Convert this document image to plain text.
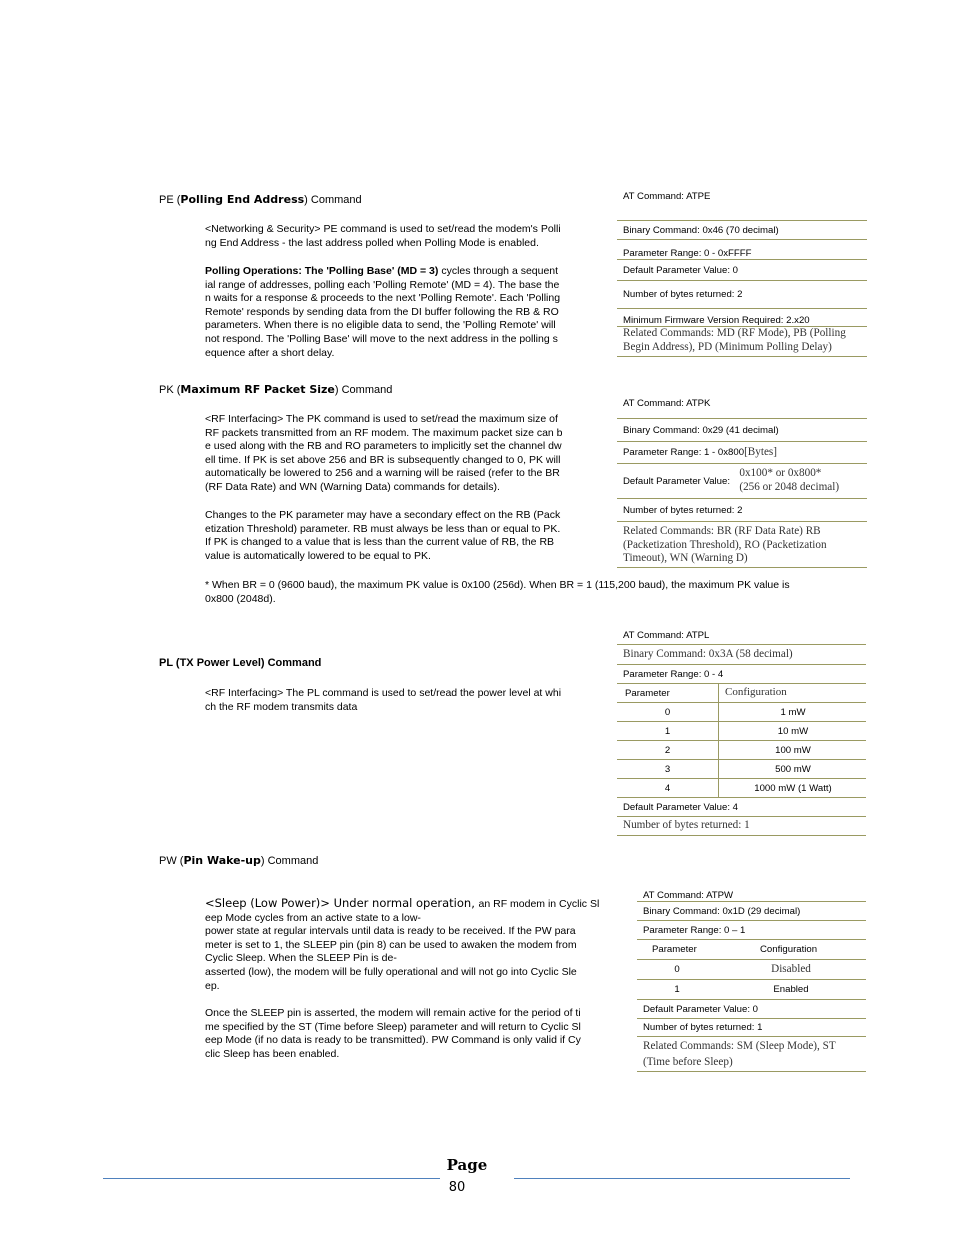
PE (Polling End Address) Command
<Networking & Security> PE command is used to set/read the modem's Polli
ng End Address - the last address polled when Polling Mode is enabled.
Polling Operations: The 'Polling Base' (MD = 3) cycles through a sequent
ial range of addresses, polling each 'Polling Remote' (MD = 4). The base the
n waits for a response & proceeds to the next 'Polling Remote'. Each 'Polling
Remote' responds by sending data from the DI buffer following the RB & RO
parameters. When there is no eligible data to send, the 'Polling Remote' will
not respond. The 'Polling Base' will move to the next address in the polling s
equence after a short delay.
AT Command: ATPE
Binary Command: 0x46 (70 decimal)
Parameter Range: 0 - 0xFFFF
Default Parameter Value: 0
Number of bytes returned: 2
Minimum Firmware Version Required: 2.x20
Related Commands: MD (RF Mode), PB (Polling
Begin Address), PD (Minimum Polling Delay)
PK (Maximum RF Packet Size) Command
<RF Interfacing> The PK command is used to set/read the maximum size of
RF packets transmitted from an RF modem. The maximum packet size can b
e used along with the RB and RO parameters to implicitly set the channel dw
ell time. If PK is set above 256 and BR is subsequently changed to 0, PK will
automatically be lowered to 256 and a warning will be raised (refer to the BR
(RF Data Rate) and WN (Warning Data) commands for details).
Changes to the PK parameter may have a secondary effect on the RB (Pack
etization Threshold) parameter. RB must always be less than or equal to PK.
If PK is changed to a value that is less than the current value of RB, the RB
value is automatically lowered to be equal to PK.
AT Command: ATPK
Binary Command: 0x29 (41 decimal)
Parameter Range: 1 - 0x800 [Bytes]
Default Parameter Value:
0x100* or 0x800*
(256 or 2048 decimal)
Number of bytes returned: 2
Related Commands: BR (RF Data Rate) RB
(Packetization Threshold), RO (Packetization
Timeout), WN (Warning D)
* When BR = 0 (9600 baud), the maximum PK value is 0x100 (256d). When BR = 1 (115,200 baud), the maximum PK value is
0x800 (2048d).
PL (TX Power Level) Command
<RF Interfacing> The PL command is used to set/read the power level at whi
ch the RF modem transmits data
AT Command: ATPL
Binary Command: 0x3A (58 decimal)
Parameter Range: 0 - 4
Parameter	Configuration
0	1 mW
1	10 mW
2	100 mW
3	500 mW
4	1000 mW (1 Watt)
Default Parameter Value: 4
Number of bytes returned: 1
PW (Pin Wake-up) Command
<Sleep (Low Power)> Under normal operation, an RF modem in Cyclic Sl
eep Mode cycles from an active state to a low-
power state at regular intervals until data is ready to be received. If the PW para
meter is set to 1, the SLEEP pin (pin 8) can be used to awaken the modem from
Cyclic Sleep. When the SLEEP Pin is de-
asserted (low), the modem will be fully operational and will not go into Cyclic Sle
ep.
Once the SLEEP pin is asserted, the modem will remain active for the period of ti
me specified by the ST (Time before Sleep) parameter and will return to Cyclic Sl
eep Mode (if no data is ready to be transmitted). PW Command is only valid if Cy
clic Sleep has been enabled.
AT Command: ATPW
Binary Command: 0x1D (29 decimal)
Parameter Range: 0 – 1
Parameter	Configuration
0	Disabled
1	Enabled
Default Parameter Value: 0
Number of bytes returned: 1
Related Commands: SM (Sleep Mode), ST
(Time before Sleep)
Page
80
